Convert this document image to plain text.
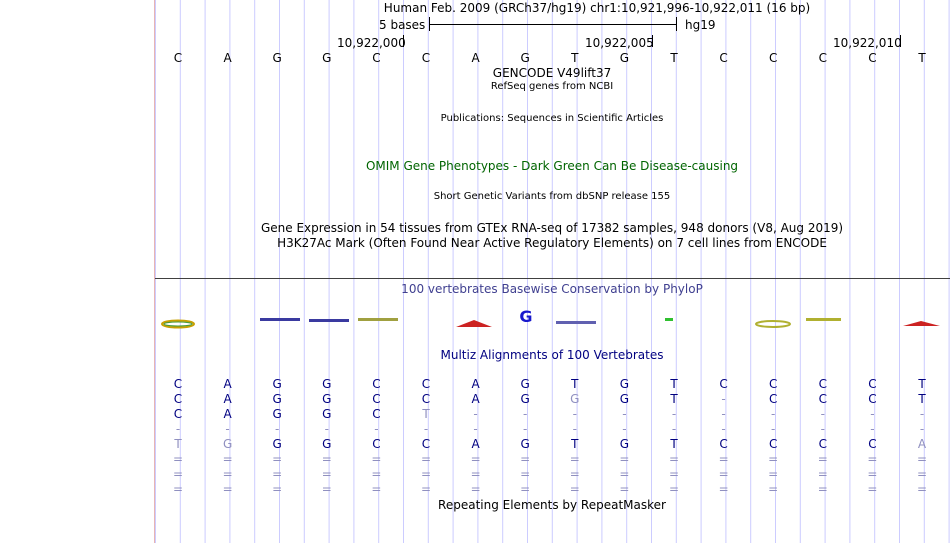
G
Human Feb. 2009 (GRCh37/hg19) chr1:10,921,996-10,922,011 (16 bp)
5 bases	hg19
10,922,000	10,922,005	10,922,010
C	A	G	G	C	C	A	G	T	G	T	C	C	C	C	T
GENCODE V49lift37
RefSeq genes from NCBI
Publications: Sequences in Scientific Articles
OMIM Gene Phenotypes - Dark Green Can Be Disease-causing
Short Genetic Variants from dbSNP release 155
Gene Expression in 54 tissues from GTEx RNA-seq of 17382 samples, 948 donors (V8, Aug 2019)
H3K27Ac Mark (Often Found Near Active Regulatory Elements) on 7 cell lines from ENCODE
100 vertebrates Basewise Conservation by PhyloP
Multiz Alignments of 100 Vertebrates
C	A	G	G	C	C	A	G	T	G	T	C	C	C	C	T
C	A	G	G	C	C	A	G	G	G	T	-	C	C	C	T
C	A	G	G	C	T	-	-	-	-	-	-	-	-	-	-
-	-	-	-	-	-	-	-	-	-	-	-	-	-	-	-
T	G	G	G	C	C	A	G	T	G	T	C	C	C	C	A
=	=	=	=	=	=	=	=	=	=	=	=	=	=	=	=
=	=	=	=	=	=	=	=	=	=	=	=	=	=	=	=
=	=	=	=	=	=	=	=	=	=	=	=	=	=	=	=
Repeating Elements by RepeatMasker
